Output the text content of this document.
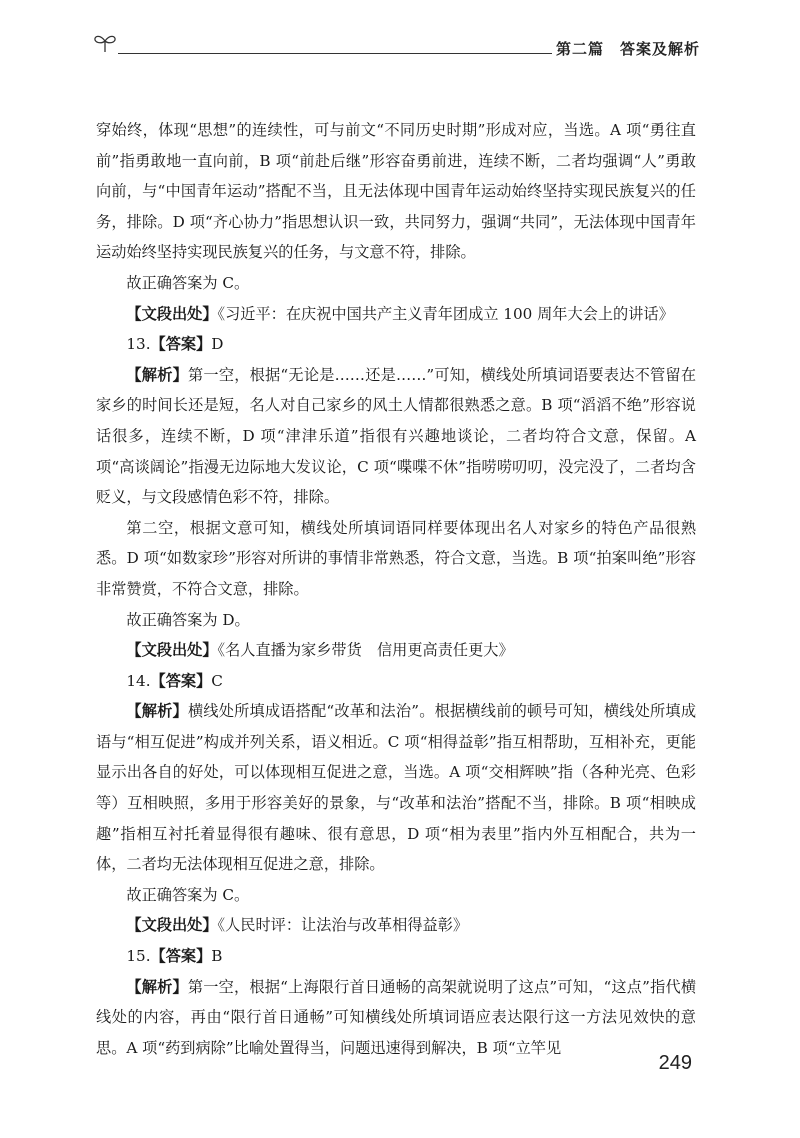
第二篇　答案及解析

穿始终，体现“思想”的连续性，可与前文“不同历史时期”形成对应，当选。A 项“勇往直前”指勇敢地一直向前，B 项“前赴后继”形容奋勇前进，连续不断，二者均强调“人”勇敢向前，与“中国青年运动”搭配不当，且无法体现中国青年运动始终坚持实现民族复兴的任务，排除。D 项“齐心协力”指思想认识一致，共同努力，强调“共同”，无法体现中国青年运动始终坚持实现民族复兴的任务，与文意不符，排除。

故正确答案为 C。

【文段出处】《习近平：在庆祝中国共产主义青年团成立 100 周年大会上的讲话》

13.【答案】D

【解析】第一空，根据“无论是……还是……”可知，横线处所填词语要表达不管留在家乡的时间长还是短，名人对自己家乡的风土人情都很熟悉之意。B 项“滔滔不绝”形容说话很多，连续不断，D 项“津津乐道”指很有兴趣地谈论，二者均符合文意，保留。A 项“高谈阔论”指漫无边际地大发议论，C 项“喋喋不休”指唠唠叨叨，没完没了，二者均含贬义，与文段感情色彩不符，排除。

第二空，根据文意可知，横线处所填词语同样要体现出名人对家乡的特色产品很熟悉。D 项“如数家珍”形容对所讲的事情非常熟悉，符合文意，当选。B 项“拍案叫绝”形容非常赞赏，不符合文意，排除。

故正确答案为 D。

【文段出处】《名人直播为家乡带货　信用更高责任更大》

14.【答案】C

【解析】横线处所填成语搭配“改革和法治”。根据横线前的顿号可知，横线处所填成语与“相互促进”构成并列关系，语义相近。C 项“相得益彰”指互相帮助，互相补充，更能显示出各自的好处，可以体现相互促进之意，当选。A 项“交相辉映”指（各种光亮、色彩等）互相映照，多用于形容美好的景象，与“改革和法治”搭配不当，排除。B 项“相映成趣”指相互衬托着显得很有趣味、很有意思，D 项“相为表里”指内外互相配合，共为一体，二者均无法体现相互促进之意，排除。

故正确答案为 C。

【文段出处】《人民时评：让法治与改革相得益彰》

15.【答案】B

【解析】第一空，根据“上海限行首日通畅的高架就说明了这点”可知，“这点”指代横线处的内容，再由“限行首日通畅”可知横线处所填词语应表达限行这一方法见效快的意思。A 项“药到病除”比喻处置得当，问题迅速得到解决，B 项“立竿见

249
